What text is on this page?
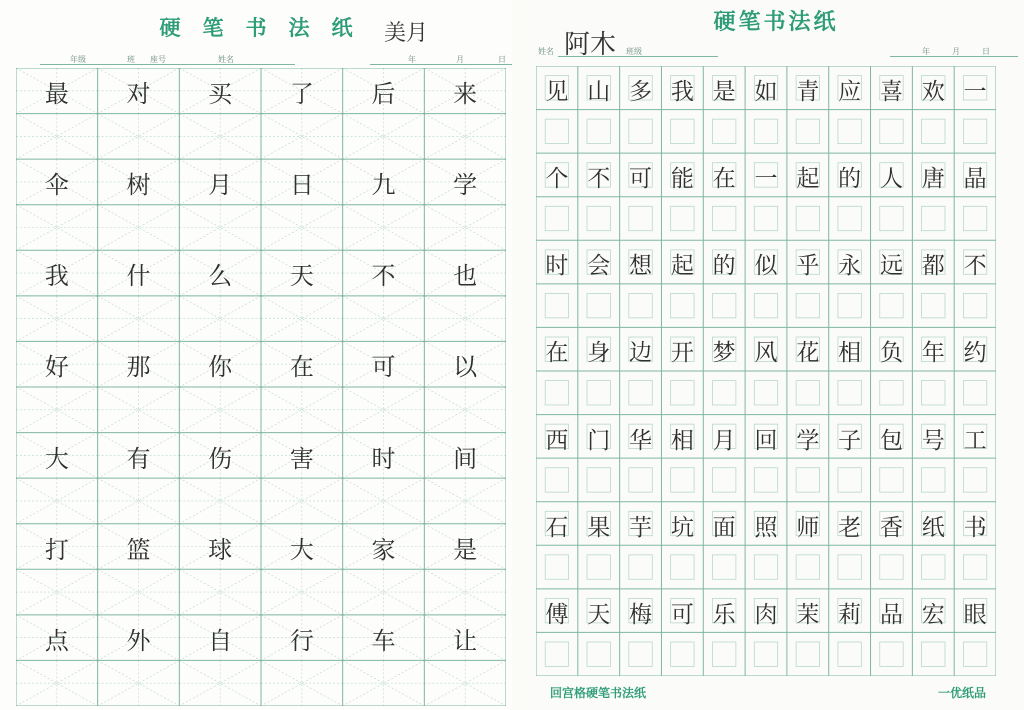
硬 笔 书 法 纸	美月
年级	班 座号	姓名	年	月	日
最	对	买	了	后	来
伞	树	月	日	九	学
我	什	么	天	不	也
好	那	你	在	可	以
大	有	伤	害	时	间
打	篮	球	大	家	是
点	外	自	行	车	让
硬笔书法纸
阿木
姓名	班级	年	月	日
见 山 多 我 是 如 青 应 喜 欢 一
个 不 可 能 在 一 起 的 人 唐 晶
时 会 想 起 的 似 乎 永 远 都 不
在 身 边 开 梦 风 花 相 负 年 约
西 门 华 相 月 回 学 子 包 号 工
石 果 芋 坑 面 照 师 老 香 纸 书
傅 天 梅 可 乐 肉 茉 莉 品 宏 眼
回宫格硬笔书法纸	一优纸品
